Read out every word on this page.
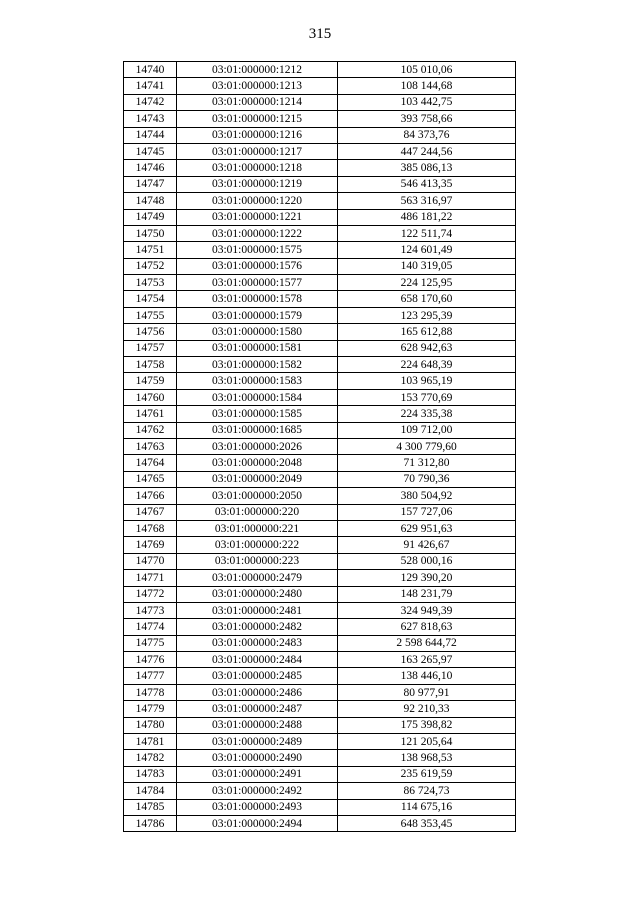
315
14740	03:01:000000:1212	105 010,06
14741	03:01:000000:1213	108 144,68
14742	03:01:000000:1214	103 442,75
14743	03:01:000000:1215	393 758,66
14744	03:01:000000:1216	84 373,76
14745	03:01:000000:1217	447 244,56
14746	03:01:000000:1218	385 086,13
14747	03:01:000000:1219	546 413,35
14748	03:01:000000:1220	563 316,97
14749	03:01:000000:1221	486 181,22
14750	03:01:000000:1222	122 511,74
14751	03:01:000000:1575	124 601,49
14752	03:01:000000:1576	140 319,05
14753	03:01:000000:1577	224 125,95
14754	03:01:000000:1578	658 170,60
14755	03:01:000000:1579	123 295,39
14756	03:01:000000:1580	165 612,88
14757	03:01:000000:1581	628 942,63
14758	03:01:000000:1582	224 648,39
14759	03:01:000000:1583	103 965,19
14760	03:01:000000:1584	153 770,69
14761	03:01:000000:1585	224 335,38
14762	03:01:000000:1685	109 712,00
14763	03:01:000000:2026	4 300 779,60
14764	03:01:000000:2048	71 312,80
14765	03:01:000000:2049	70 790,36
14766	03:01:000000:2050	380 504,92
14767	03:01:000000:220	157 727,06
14768	03:01:000000:221	629 951,63
14769	03:01:000000:222	91 426,67
14770	03:01:000000:223	528 000,16
14771	03:01:000000:2479	129 390,20
14772	03:01:000000:2480	148 231,79
14773	03:01:000000:2481	324 949,39
14774	03:01:000000:2482	627 818,63
14775	03:01:000000:2483	2 598 644,72
14776	03:01:000000:2484	163 265,97
14777	03:01:000000:2485	138 446,10
14778	03:01:000000:2486	80 977,91
14779	03:01:000000:2487	92 210,33
14780	03:01:000000:2488	175 398,82
14781	03:01:000000:2489	121 205,64
14782	03:01:000000:2490	138 968,53
14783	03:01:000000:2491	235 619,59
14784	03:01:000000:2492	86 724,73
14785	03:01:000000:2493	114 675,16
14786	03:01:000000:2494	648 353,45
